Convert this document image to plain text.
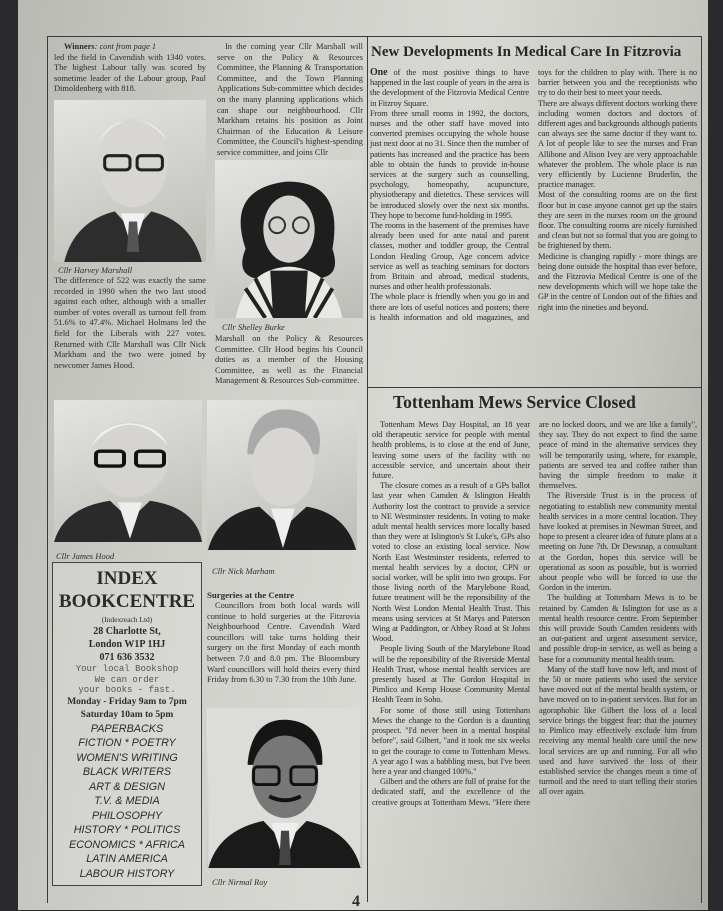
Winners: cont from page 1

led the field in Cavendish with 1340 votes. The highest Labour tally was scored by sometime leader of the Labour group, Paul Dimoldenberg with 818.

In the coming year Cllr Marshall will serve on the Policy & Resources Committee, the Planning & Transportation Committee, and the Town Planning Applications Sub-committee which decides on the many planning applications which can shape our neighbourhood. Cllr Markham retains his position as Joint Chairman of the Education & Leisure Committee, the Council's highest-spending service committee, and joins Cllr

Cllr Harvey Marshall

The difference of 522 was exactly the same recorded in 1990 when the two last stood against each other, although with a smaller number of votes overall as turnout fell from 51.6% to 47.4%. Michael Holmans led the field for the Liberals with 227 votes. Returned with Cllr Marshall was Cllr Nick Markham and the two were joined by newcomer James Hood.

Cllr Shelley Burke

Marshall on the Policy & Resources Committee. Cllr Hood begins his Council duties as a member of the Housing Committee, as well as the Financial Management & Resources Sub-committee.

Cllr James Hood
Cllr Nick Marham
INDEX
BOOKCENTRE
(Indexreach Ltd)
28 Charlotte St,
London W1P 1HJ
071 636 3532
Your local Bookshop
We can order
your books - fast.
Monday - Friday 9am to 7pm
Saturday 10am to 5pm
PAPERBACKS
FICTION * POETRY
WOMEN'S WRITING
BLACK WRITERS
ART & DESIGN
T.V. & MEDIA
PHILOSOPHY
HISTORY * POLITICS
ECONOMICS * AFRICA
LATIN AMERICA
LABOUR HISTORY
Surgeries at the Centre

Councillors from both local wards will continue to hold surgeries at the Fitzrovia Neighbourhood Centre. Cavendish Ward councillors will take turns holding their surgery on the first Monday of each month between 7.0 and 8.0 pm. The Bloomsbury Ward councillors will hold theirs every third Friday from 6.30 to 7.30 from the 10th June.

Cllr Nirmal Roy
New Developments In Medical Care In Fitzrovia

One of the most positive things to have happened in the last couple of years in the area is the development of the Fitzrovia Medical Centre in Fitzroy Square.

From three small rooms in 1992, the doctors, nurses and the other staff have moved into converted premises occupying the whole house just next door at no 31. Since then the number of patients has increased and the practice has been able to obtain the funds to provide in-house services at the surgery such as counselling, psychology, homeopathy, acupuncture, physiotherapy and dietetics. These services will be introduced slowly over the next six months. They hope to become fund-holding in 1995.

The rooms in the basement of the premises have already been used for ante natal and parent classes, mother and toddler group, the Central London Healing Group, Age concern advice service as well as teaching seminars for doctors from Britain and abroad, medical students, nurses and other health professionals.

The whole place is friendly when you go in and there are lots of useful notices and posters; there is health information and old magazines, and toys for the children to play with. There is no barrier between you and the receptionists who try to do their best to meet your needs.

There are always different doctors working there including women doctors and doctors of different ages and backgrounds although patients can always see the same doctor if they want to. A lot of people like to see the nurses and Fran Allibone and Alison Ivey are very approachable whatever the problem. The whole place is run very efficiently by Lucienne Bruderlin, the practice manager.

Most of the consulting rooms are on the first floor but in case anyone cannot get up the stairs they are seen in the nurses room on the ground floor. The consulting rooms are nicely furnished and clean but not so formal that you are going to be frightened by them.

Medicine is changing rapidly - more things are being done outside the hospital than ever before, and the Fitzrovia Medical Centre is one of the new developments which will we hope take the GP in the centre of London out of the fifties and right into the nineties and beyond.

Tottenham Mews Service Closed

Tottenham Mews Day Hospital, an 18 year old therapeutic service for people with mental health problems, is to close at the end of June, leaving some users of the facility with no accessible service, and uncertain about their future.

The closure comes as a result of a GPs ballot last year when Camden & Islington Health Authority lost the contract to provide a service to NE Westminster residents. In voting to make adult mental health services more locally based than they were at Islington's St Luke's, GPs also voted to close an existing local service. Now North East Westminster residents, referred to mental health services by a doctor, CPN or social worker, will be split into two groups. For those living north of the Marylebone Road, future treatment will be the reponsibility of the North West London Mental Health Trust. This means using services at St Marys and Paterson Wing at Paddington, or Abbey Road at St Johns Wood.

People living South of the Marylebone Road will be the reponsibility of the Riverside Mental Health Trust, whose mental health services are presently based at The Gordon Hospital in Pimlico and Kemp House Community Mental Health Team in Soho.

For some of those still using Tottenham Mews the change to the Gordon is a daunting prospect. "I'd never been in a mental hospital before", said Gilbert, "and it took me six weeks to get the courage to come to Tottenham Mews. A year ago I was a babbling mess, but I've been here a year and changed 100%."

Gilbert and the others are full of praise for the dedicated staff, and the excellence of the creative groups at Tottenham Mews. "Here there are no locked doors, and we are like a family", they say. They do not expect to find the same peace of mind in the alternative services they will be temporarily using, where, for example, patients are served tea and coffee rather than having the simple freedom to make it themselves.

The Riverside Trust is in the process of negotiating to establish new community mental health services in a more central location. They have looked at premises in Newman Street, and hope to present a clearer idea of future plans at a meeting on June 7th. Dr Dewsnap, a consultant at the Gordon, hopes this service will be operational as soon as possible, but is worried about people who will be forced to use the Gordon in the interim.

The building at Tottenham Mews is to be retained by Camden & Islington for use as a mental health resource centre. From September this will provide South Camden residents with an out-patient and urgent assessment service, and possible drop-in service, as well as being a base for a community mental health team.

Many of the staff have now left, and most of the 50 or more patients who used the service have moved out of the mental health system, or have moved on to in-patient services. But for an agoraphobic like Gilbert the loss of a local service brings the biggest fear: that the journey to Pimlico may effectively exclude him from receiving any mental health care until the new local services are up and running. For all who used and have survived the loss of their established service the changes mean a time of turmoil and the need to start telling their stories all over again.

4
